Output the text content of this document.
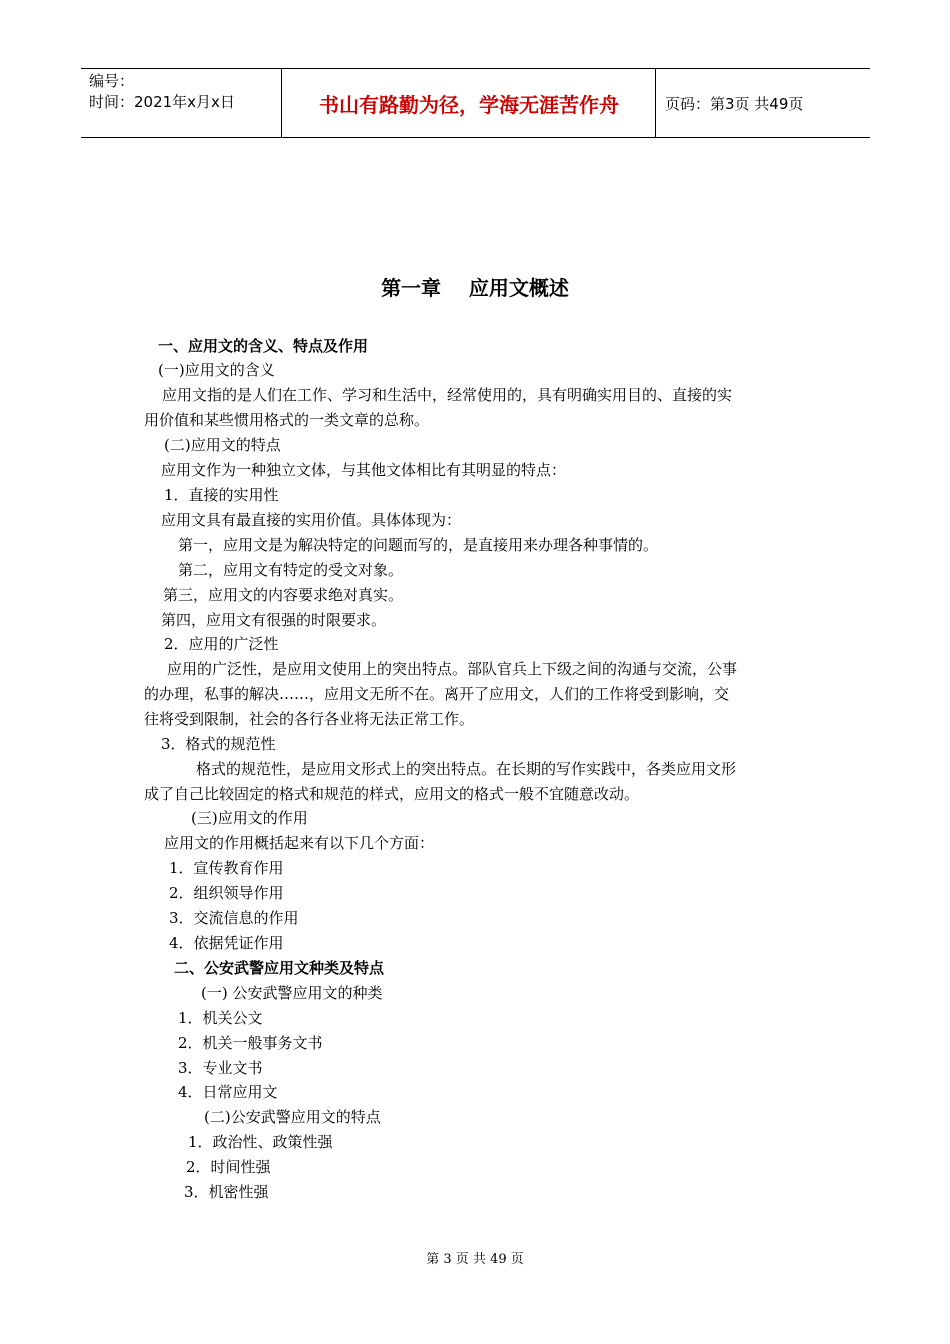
编号：
时间：2021年x月x日	书山有路勤为径，学海无涯苦作舟	页码：第3页 共49页
第一章    应用文概述
一、应用文的含义、特点及作用
(一)应用文的含义
应用文指的是人们在工作、学习和生活中，经常使用的，具有明确实用目的、直接的实
用价值和某些惯用格式的一类文章的总称。
(二)应用文的特点
应用文作为一种独立文体，与其他文体相比有其明显的特点：
1．直接的实用性
应用文具有最直接的实用价值。具体体现为：
第一，应用文是为解决特定的问题而写的，是直接用来办理各种事情的。
第二，应用文有特定的受文对象。
第三，应用文的内容要求绝对真实。
第四，应用文有很强的时限要求。
2．应用的广泛性
应用的广泛性，是应用文使用上的突出特点。部队官兵上下级之间的沟通与交流，公事
的办理，私事的解决……，应用文无所不在。离开了应用文，人们的工作将受到影响，交
往将受到限制，社会的各行各业将无法正常工作。
3．格式的规范性
格式的规范性，是应用文形式上的突出特点。在长期的写作实践中，各类应用文形
成了自己比较固定的格式和规范的样式，应用文的格式一般不宜随意改动。
(三)应用文的作用
应用文的作用概括起来有以下几个方面：
1．宣传教育作用
2．组织领导作用
3．交流信息的作用
4．依据凭证作用
二、公安武警应用文种类及特点
(一) 公安武警应用文的种类
1．机关公文
2．机关一般事务文书
3．专业文书
4．日常应用文
(二)公安武警应用文的特点
1．政治性、政策性强
2．时间性强
3．机密性强
第 3 页 共 49 页
